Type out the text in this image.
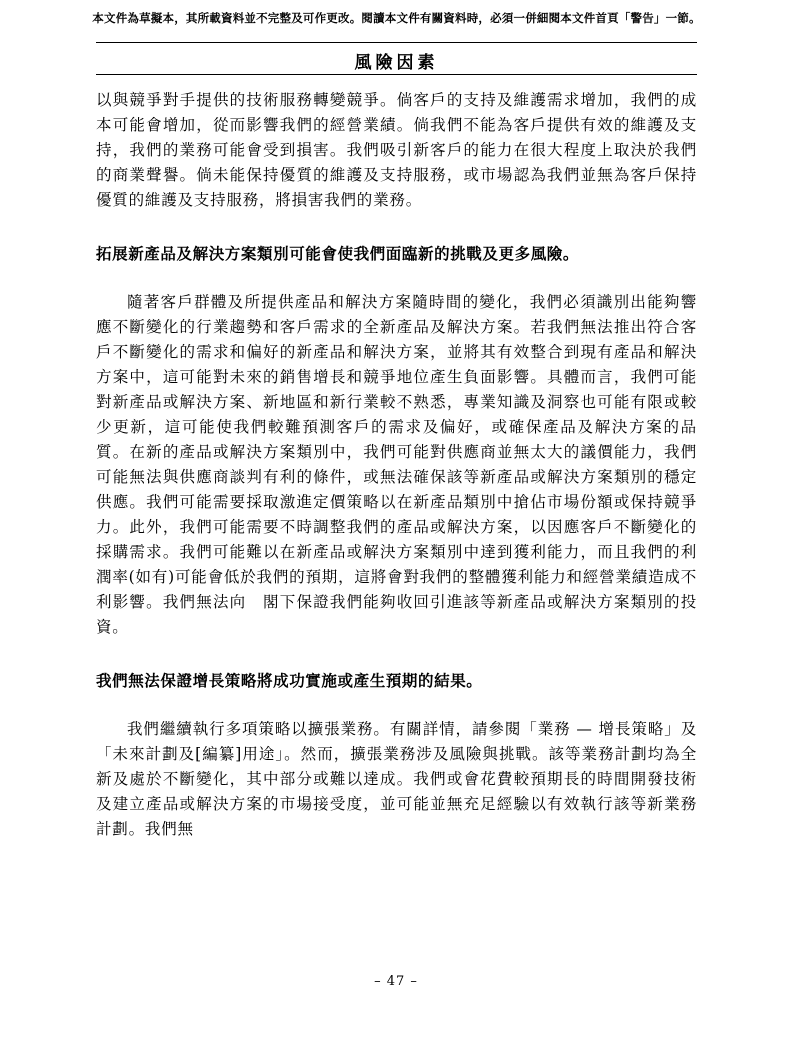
本文件為草擬本，其所載資料並不完整及可作更改。閱讀本文件有關資料時，必須一併細閱本文件首頁「警告」一節。
風險因素

以與競爭對手提供的技術服務轉變競爭。倘客戶的支持及維護需求增加，我們的成本可能會增加，從而影響我們的經營業績。倘我們不能為客戶提供有效的維護及支持，我們的業務可能會受到損害。我們吸引新客戶的能力在很大程度上取決於我們的商業聲譽。倘未能保持優質的維護及支持服務，或市場認為我們並無為客戶保持優質的維護及支持服務，將損害我們的業務。

拓展新產品及解決方案類別可能會使我們面臨新的挑戰及更多風險。

隨著客戶群體及所提供產品和解決方案隨時間的變化，我們必須識別出能夠響應不斷變化的行業趨勢和客戶需求的全新產品及解決方案。若我們無法推出符合客戶不斷變化的需求和偏好的新產品和解決方案，並將其有效整合到現有產品和解決方案中，這可能對未來的銷售增長和競爭地位產生負面影響。具體而言，我們可能對新產品或解決方案、新地區和新行業較不熟悉，專業知識及洞察也可能有限或較少更新，這可能使我們較難預測客戶的需求及偏好，或確保產品及解決方案的品質。在新的產品或解決方案類別中，我們可能對供應商並無太大的議價能力，我們可能無法與供應商談判有利的條件，或無法確保該等新產品或解決方案類別的穩定供應。我們可能需要採取激進定價策略以在新產品類別中搶佔市場份額或保持競爭力。此外，我們可能需要不時調整我們的產品或解決方案，以因應客戶不斷變化的採購需求。我們可能難以在新產品或解決方案類別中達到獲利能力，而且我們的利潤率(如有)可能會低於我們的預期，這將會對我們的整體獲利能力和經營業績造成不利影響。我們無法向　閣下保證我們能夠收回引進該等新產品或解決方案類別的投資。

我們無法保證增長策略將成功實施或產生預期的結果。

我們繼續執行多項策略以擴張業務。有關詳情，請參閱「業務 — 增長策略」及「未來計劃及[編纂]用途」。然而，擴張業務涉及風險與挑戰。該等業務計劃均為全新及處於不斷變化，其中部分或難以達成。我們或會花費較預期長的時間開發技術及建立產品或解決方案的市場接受度，並可能並無充足經驗以有效執行該等新業務計劃。我們無

– 47 –
